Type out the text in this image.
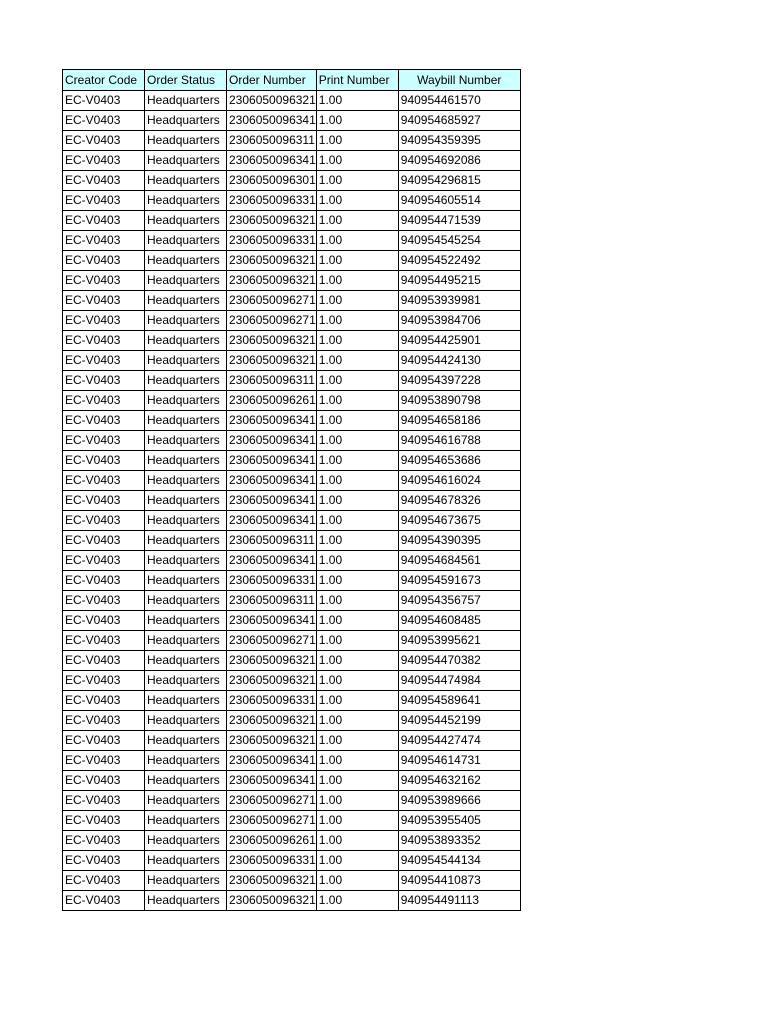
Creator Code	Order Status	Order Number	Print Number	Waybill Number
EC-V0403	Headquarters	2306050096321	1.00	940954461570
EC-V0403	Headquarters	2306050096341	1.00	940954685927
EC-V0403	Headquarters	2306050096311	1.00	940954359395
EC-V0403	Headquarters	2306050096341	1.00	940954692086
EC-V0403	Headquarters	2306050096301	1.00	940954296815
EC-V0403	Headquarters	2306050096331	1.00	940954605514
EC-V0403	Headquarters	2306050096321	1.00	940954471539
EC-V0403	Headquarters	2306050096331	1.00	940954545254
EC-V0403	Headquarters	2306050096321	1.00	940954522492
EC-V0403	Headquarters	2306050096321	1.00	940954495215
EC-V0403	Headquarters	2306050096271	1.00	940953939981
EC-V0403	Headquarters	2306050096271	1.00	940953984706
EC-V0403	Headquarters	2306050096321	1.00	940954425901
EC-V0403	Headquarters	2306050096321	1.00	940954424130
EC-V0403	Headquarters	2306050096311	1.00	940954397228
EC-V0403	Headquarters	2306050096261	1.00	940953890798
EC-V0403	Headquarters	2306050096341	1.00	940954658186
EC-V0403	Headquarters	2306050096341	1.00	940954616788
EC-V0403	Headquarters	2306050096341	1.00	940954653686
EC-V0403	Headquarters	2306050096341	1.00	940954616024
EC-V0403	Headquarters	2306050096341	1.00	940954678326
EC-V0403	Headquarters	2306050096341	1.00	940954673675
EC-V0403	Headquarters	2306050096311	1.00	940954390395
EC-V0403	Headquarters	2306050096341	1.00	940954684561
EC-V0403	Headquarters	2306050096331	1.00	940954591673
EC-V0403	Headquarters	2306050096311	1.00	940954356757
EC-V0403	Headquarters	2306050096341	1.00	940954608485
EC-V0403	Headquarters	2306050096271	1.00	940953995621
EC-V0403	Headquarters	2306050096321	1.00	940954470382
EC-V0403	Headquarters	2306050096321	1.00	940954474984
EC-V0403	Headquarters	2306050096331	1.00	940954589641
EC-V0403	Headquarters	2306050096321	1.00	940954452199
EC-V0403	Headquarters	2306050096321	1.00	940954427474
EC-V0403	Headquarters	2306050096341	1.00	940954614731
EC-V0403	Headquarters	2306050096341	1.00	940954632162
EC-V0403	Headquarters	2306050096271	1.00	940953989666
EC-V0403	Headquarters	2306050096271	1.00	940953955405
EC-V0403	Headquarters	2306050096261	1.00	940953893352
EC-V0403	Headquarters	2306050096331	1.00	940954544134
EC-V0403	Headquarters	2306050096321	1.00	940954410873
EC-V0403	Headquarters	2306050096321	1.00	940954491113
